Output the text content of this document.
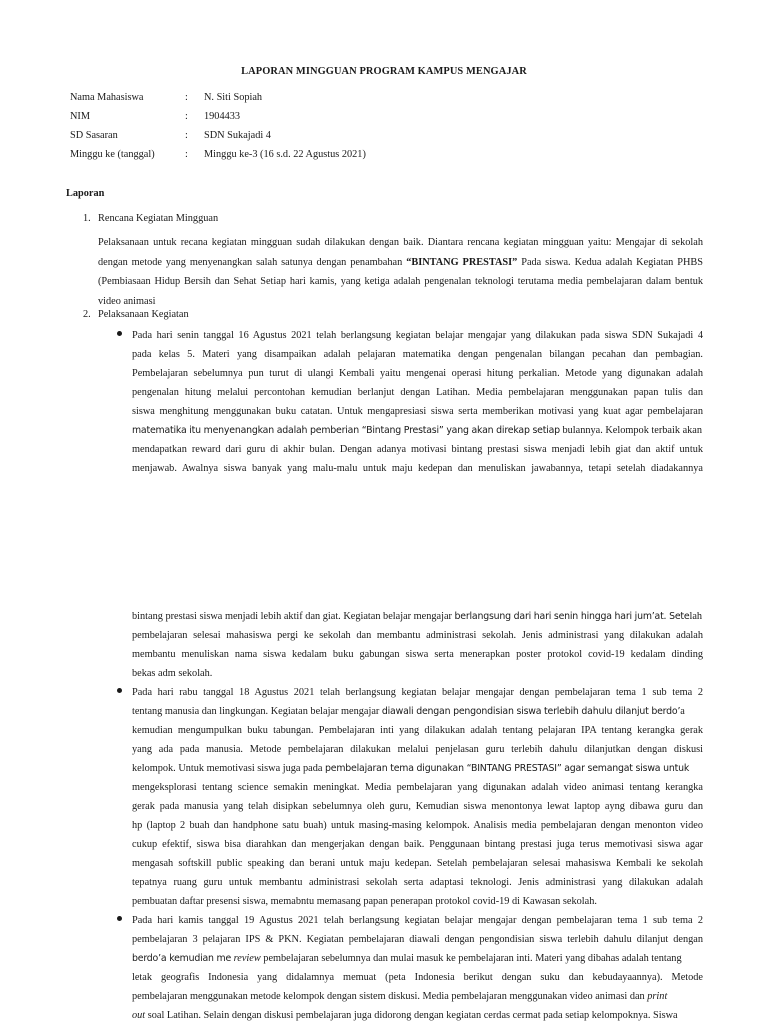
LAPORAN MINGGUAN PROGRAM KAMPUS MENGAJAR
Nama Mahasiswa	: N. Siti Sopiah
NIM	: 1904433
SD Sasaran	: SDN Sukajadi 4
Minggu ke (tanggal)	: Minggu ke-3 (16 s.d. 22 Agustus 2021)
Laporan
1. Rencana Kegiatan Mingguan
Pelaksanaan untuk recana kegiatan mingguan sudah dilakukan dengan baik. Diantara rencana kegiatan mingguan yaitu: Mengajar di sekolah dengan metode yang menyenangkan salah satunya dengan penambahan “BINTANG PRESTASI” Pada siswa. Kedua adalah Kegiatan PHBS (Pembiasaan Hidup Bersih dan Sehat Setiap hari kamis, yang ketiga adalah pengenalan teknologi terutama media pembelajaran dalam bentuk video animasi
2. Pelaksanaan Kegiatan
Pada hari senin tanggal 16 Agustus 2021 telah berlangsung kegiatan belajar mengajar yang dilakukan pada siswa SDN Sukajadi 4
pada kelas 5. Materi yang disampaikan adalah pelajaran matematika dengan pengenalan bilangan pecahan dan pembagian.
Pembelajaran sebelumnya pun turut di ulangi Kembali yaitu mengenai operasi hitung perkalian. Metode yang digunakan adalah
pengenalan hitung melalui percontohan kemudian berlanjut dengan Latihan. Media pembelajaran menggunakan papan tulis dan
siswa menghitung menggunakan buku catatan. Untuk mengapresiasi siswa serta memberikan motivasi yang kuat agar pembelajaran
matematika itu menyenangkan adalah pemberian “Bintang Prestasi” yang akan direkap setiap bulannya. Kelompok terbaik akan
mendapatkan reward dari guru di akhir bulan. Dengan adanya motivasi bintang prestasi siswa menjadi lebih giat dan aktif untuk
menjawab. Awalnya siswa banyak yang malu-malu untuk maju kedepan dan menuliskan jawabannya, tetapi setelah diadakannya
bintang prestasi siswa menjadi lebih aktif dan giat. Kegiatan belajar mengajar berlangsung dari hari senin hingga hari jum’at. Setelah
pembelajaran selesai mahasiswa pergi ke sekolah dan membantu administrasi sekolah. Jenis administrasi yang dilakukan adalah
membantu menuliskan nama siswa kedalam buku gabungan siswa serta menerapkan poster protokol covid-19 kedalam dinding
bekas adm sekolah.
Pada hari rabu tanggal 18 Agustus 2021 telah berlangsung kegiatan belajar mengajar dengan pembelajaran tema 1 sub tema 2
tentang manusia dan lingkungan. Kegiatan belajar mengajar diawali dengan pengondisian siswa terlebih dahulu dilanjut berdo’a
kemudian mengumpulkan buku tabungan. Pembelajaran inti yang dilakukan adalah tentang pelajaran IPA tentang kerangka gerak
yang ada pada manusia. Metode pembelajaran dilakukan melalui penjelasan guru terlebih dahulu dilanjutkan dengan diskusi
kelompok. Untuk memotivasi siswa juga pada pembelajaran tema digunakan “BINTANG PRESTASI” agar semangat siswa untuk
mengeksplorasi tentang science semakin meningkat. Media pembelajaran yang digunakan adalah video animasi tentang kerangka
gerak pada manusia yang telah disipkan sebelumnya oleh guru, Kemudian siswa menontonya lewat laptop ayng dibawa guru dan
hp (laptop 2 buah dan handphone satu buah) untuk masing-masing kelompok. Analisis media pembelajaran dengan menonton video
cukup efektif, siswa bisa diarahkan dan mengerjakan dengan baik. Penggunaan bintang prestasi juga terus memotivasi siswa agar
mengasah softskill public speaking dan berani untuk maju kedepan. Setelah pembelajaran selesai mahasiswa Kembali ke sekolah
tepatnya ruang guru untuk membantu administrasi sekolah serta adaptasi teknologi. Jenis administrasi yang dilakukan adalah
pembuatan daftar presensi siswa, memabntu memasang papan penerapan protokol covid-19 di Kawasan sekolah.
Pada hari kamis tanggal 19 Agustus 2021 telah berlangsung kegiatan belajar mengajar dengan pembelajaran tema 1 sub tema 2
pembelajaran 3 pelajaran IPS & PKN. Kegiatan pembelajaran diawali dengan pengondisian siswa terlebih dahulu dilanjut dengan
berdo’a kemudian me review pembelajaran sebelumnya dan mulai masuk ke pembelajaran inti. Materi yang dibahas adalah tentang
letak geografis Indonesia yang didalamnya memuat (peta Indonesia berikut dengan suku dan kebudayaannya). Metode
pembelajaran menggunakan metode kelompok dengan sistem diskusi. Media pembelajaran menggunakan video animasi dan print
out soal Latihan. Selain dengan diskusi pembelajaran juga didorong dengan kegiatan cerdas cermat pada setiap kelompoknya. Siswa
